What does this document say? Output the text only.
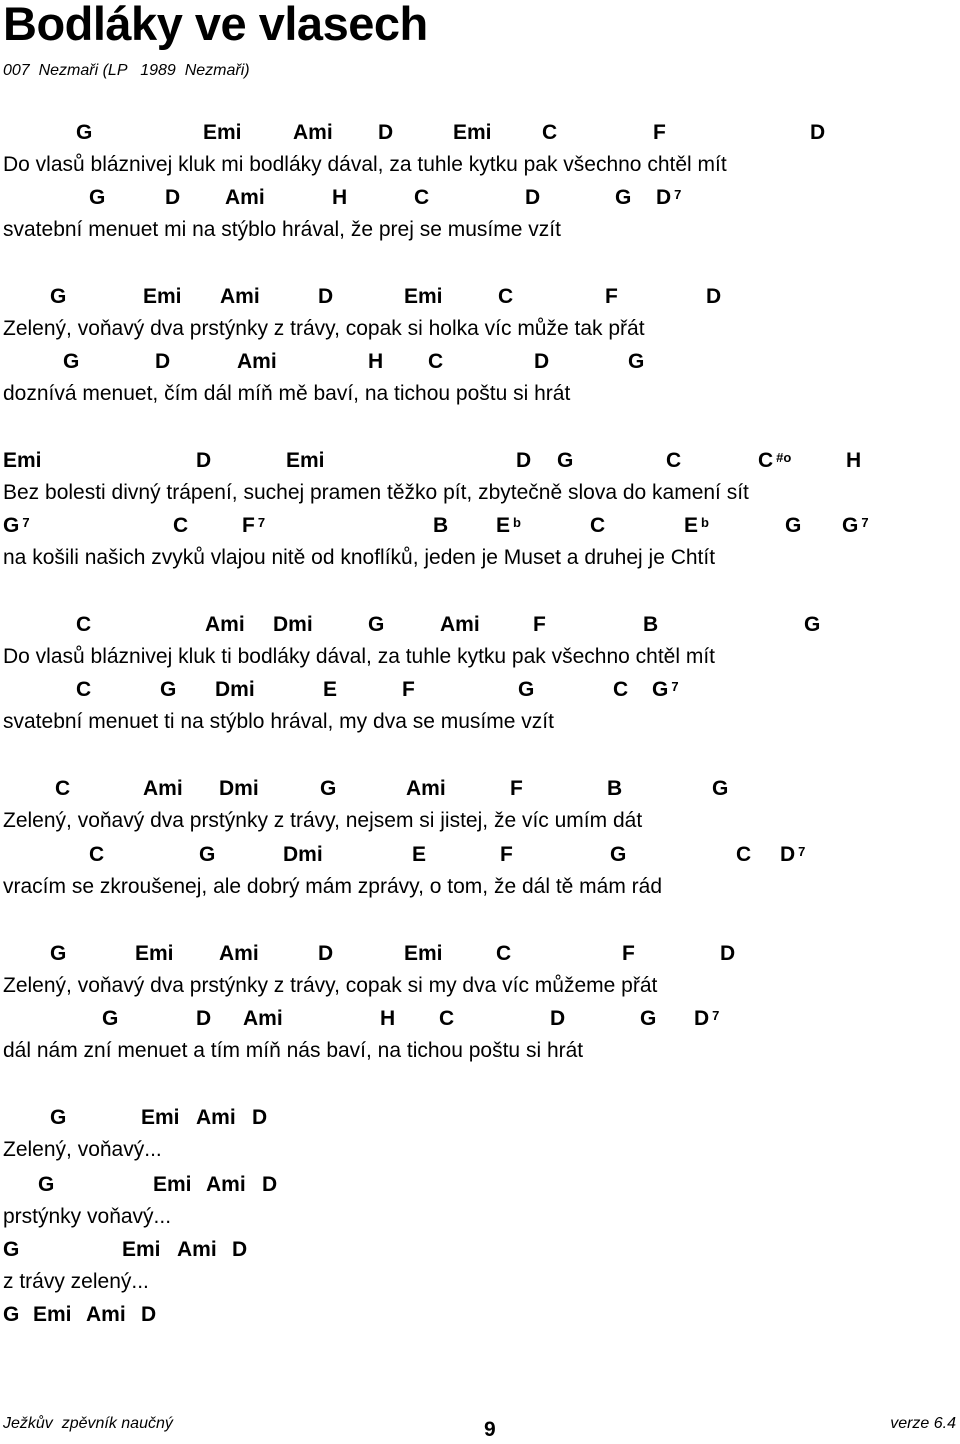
Bodláky ve vlasech
007  Nezmaři (LP   1989  Nezmaři)
G	Emi Ami D	Emi C	F	D
Do vlasů bláznivej kluk mi bodláky dával, za tuhle kytku pak všechno chtěl mít
G	D Ami	H	C	D	G D $^7$
svatební menuet mi na stýblo hrával, že prej se musíme vzít
G	Emi Ami	D	Emi	C	F	D
Zelený, voňavý dva prstýnky z trávy, copak si holka víc může tak přát
G	D	Ami	H C	D	G
doznívá menuet, čím dál míň mě baví, na tichou poštu si hrát
Emi	D	Emi	D G	C	C $^{\#o}$	H
Bez bolesti divný trápení, suchej pramen těžko pít, zbytečně slova do kamení sít
G $^7$	C	F $^7$	B E $^b$	C	E $^b$	G G $^7$
na košili našich zvyků vlajou nitě od knoflíků, jeden je Muset a druhej je Chtít
C	Ami Dmi	G	Ami	F	B	G
Do vlasů bláznivej kluk ti bodláky dával, za tuhle kytku pak všechno chtěl mít
C	G Dmi	E	F	G	C G $^7$
svatební menuet ti na stýblo hrával, my dva se musíme vzít
C	Ami Dmi	G	Ami	F	B	G
Zelený, voňavý dva prstýnky z trávy, nejsem si jistej, že víc umím dát
C	G	Dmi	E	F	G	C D $^7$
vracím se zkroušenej, ale dobrý mám zprávy, o tom, že dál tě mám rád
G	Emi Ami	D	Emi	C	F	D
Zelený, voňavý dva prstýnky z trávy, copak si my dva víc můžeme přát
G	D Ami	H C	D	G D $^7$
dál nám zní menuet a tím míň nás baví, na tichou poštu si hrát
G	Emi Ami D
Zelený, voňavý...
G	Emi Ami D
prstýnky voňavý...
G	Emi Ami D
z trávy zelený...
G Emi Ami D
Ježkův  zpěvník naučný	9	verze 6.4
